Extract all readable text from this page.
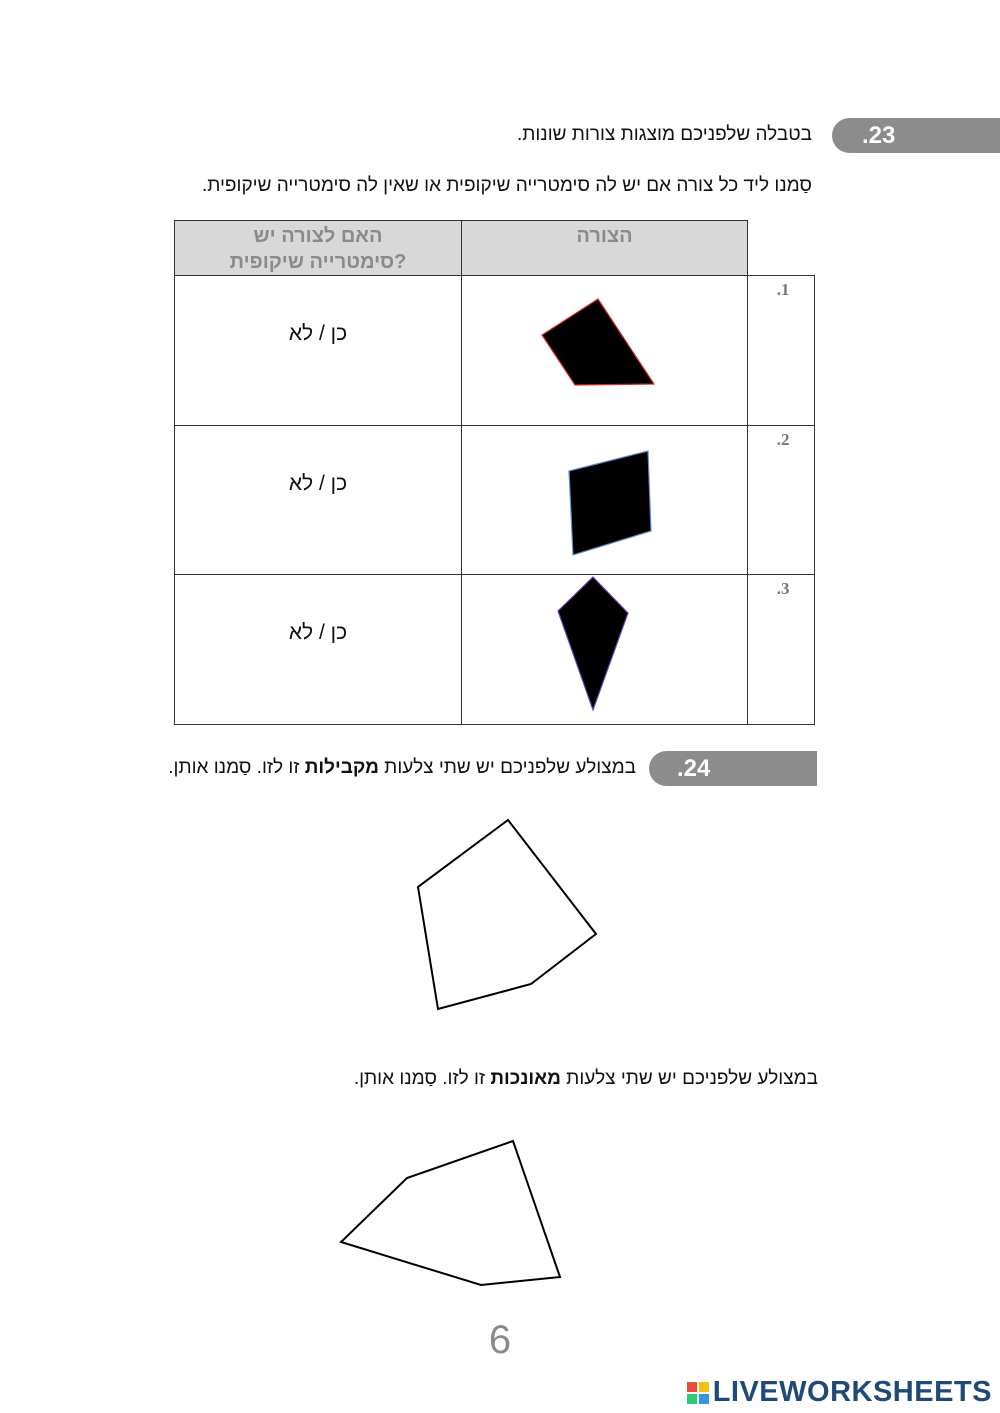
.23
בטבלה שלפניכם מוצגות צורות שונות.
סַמנו ליד כל צורה אם יש לה סימטרייה שיקופית או שאין לה סימטרייה שיקופית.
האם לצורה יש סימטרייה שיקופית?	הצורה	

כן / לא		.1
כן / לא		.2
כן / לא		.3
.24
במצולע שלפניכם יש שתי צלעות מקבילות זו לזו. סַמנו אותן.
במצולע שלפניכם יש שתי צלעות מאונכות זו לזו. סַמנו אותן.
6
LIVEWORKSHEETS
